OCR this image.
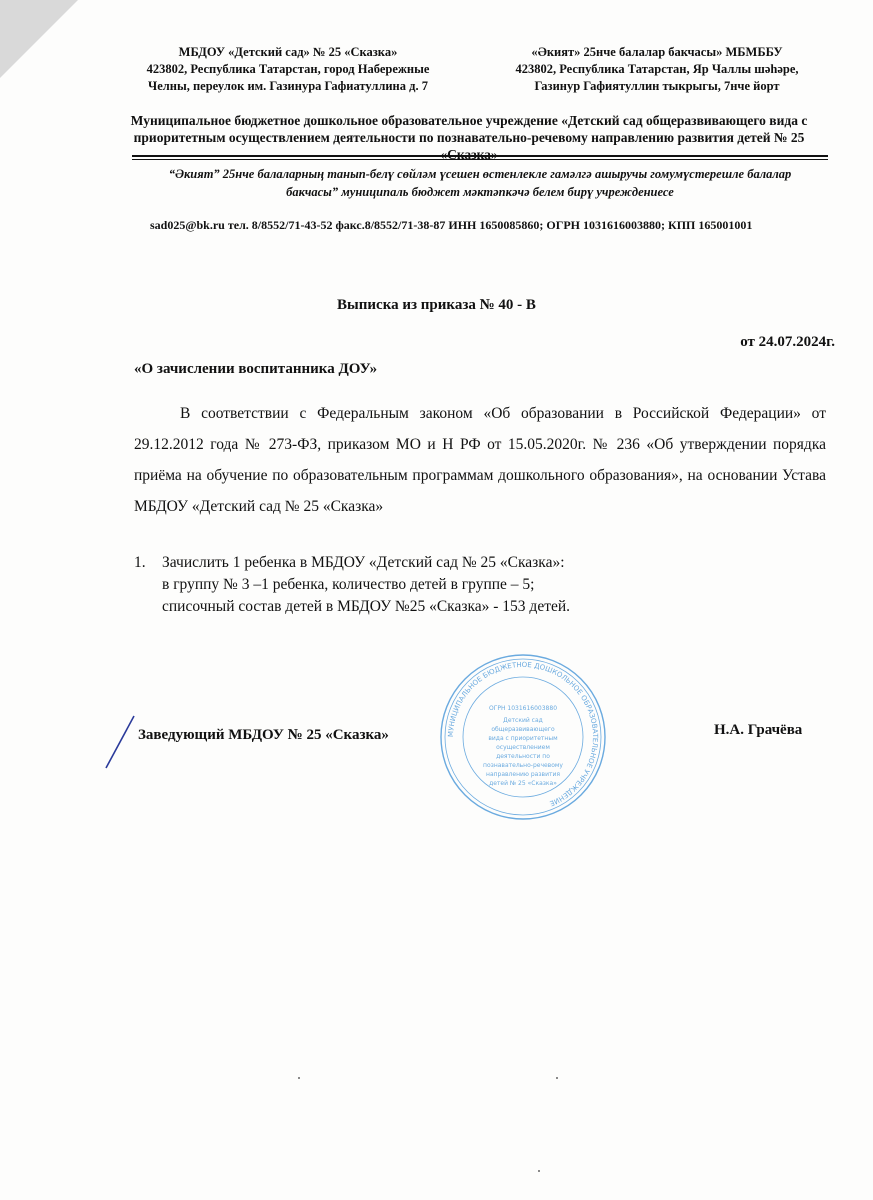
МБДОУ «Детский сад» № 25 «Сказка»
423802, Республика Татарстан, город Набережные
Челны, переулок им. Газинура Гафиатуллина д. 7
«Әкият» 25нче балалар бакчасы» МБМББУ
423802, Республика Татарстан, Яр Чаллы шәһәре,
Газинур Гафиятуллин тыкрыгы, 7нче йорт
Муниципальное бюджетное дошкольное образовательное учреждение «Детский сад общеразвивающего вида с приоритетным осуществлением деятельности по познавательно-речевому направлению развития детей № 25
“Әкият” 25нче балаларның танып-белү сөйләм үсешен өстенлекле гамәлгә ашыручы гомумүстерешле балалар бакчасы” муниципаль бюджет мәктәпкәчә белем бирү учреждениесе
sad025@bk.ru тел. 8/8552/71-43-52 факс.8/8552/71-38-87 ИНН 1650085860; ОГРН 1031616003880; КПП 165001001
Выписка из приказа № 40 - В
от 24.07.2024г.
«О зачислении воспитанника ДОУ»
В соответствии с Федеральным законом «Об образовании в Российской Федерации» от 29.12.2012 года № 273-ФЗ, приказом МО и Н РФ от 15.05.2020г. № 236 «Об утверждении порядка приёма на обучение по образовательным программам дошкольного образования», на основании Устава МБДОУ «Детский сад № 25 «Сказка»
1. Зачислить 1 ребенка в МБДОУ «Детский сад № 25 «Сказка»:
в группу № 3 –1 ребенка, количество детей в группе – 5;
списочный состав детей в МБДОУ №25 «Сказка» - 153 детей.
Заведующий МБДОУ № 25 «Сказка»	Н.А. Грачёва
МУНИЦИПАЛЬНОЕ БЮДЖЕТНОЕ ДОШКОЛЬНОЕ ОБРАЗОВАТЕЛЬНОЕ УЧРЕЖДЕНИЕ
ОГРН 1031616003880
Детский сад
общеразвивающего
вида с приоритетным
осуществлением
деятельности по
познавательно-речевому
направлению развития
детей № 25 «Сказка»
